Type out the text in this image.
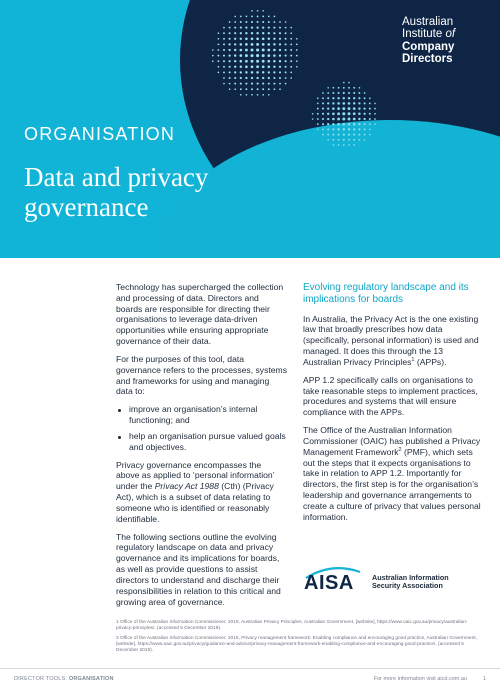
Australian
Institute of
Company
Directors
ORGANISATION
Data and privacy governance

Technology has supercharged the collection and processing of data. Directors and boards are responsible for directing their organisations to leverage data-driven opportunities while ensuring appropriate governance of their data.

For the purposes of this tool, data governance refers to the processes, systems and frameworks for using and managing data to:

improve an organisation’s internal functioning; and
help an organisation pursue valued goals and objectives.

Privacy governance encompasses the above as applied to ‘personal information’ under the Privacy Act 1988 (Cth) (Privacy Act), which is a subset of data relating to someone who is identified or reasonably identifiable.

The following sections outline the evolving regulatory landscape on data and privacy governance and its implications for boards, as well as provide questions to assist directors to understand and discharge their responsibilities in relation to this critical and growing area of governance.

Evolving regulatory landscape and its implications for boards

In Australia, the Privacy Act is the one existing law that broadly prescribes how data (specifically, personal information) is used and managed. It does this through the 13 Australian Privacy Principles$^1$ (APPs).

APP 1.2 specifically calls on organisations to take reasonable steps to implement practices, procedures and systems that will ensure compliance with the APPs.

The Office of the Australian Information Commissioner (OAIC) has published a Privacy Management Framework$^2$ (PMF), which sets out the steps that it expects organisations to take in relation to APP 1.2. Importantly for directors, the first step is for the organisation’s leadership and governance arrangements to create a culture of privacy that values personal information.

AISA	Australian Information
Security Association

1 Office of the Australian Information Commissioner, 2019, Australian Privacy Principles, Australian Government, [website], https://www.oaic.gov.au/privacy/australian-privacy-principles/, (accessed 5 December 2019).

2 Office of the Australian Information Commissioner, 2015, Privacy management framework: Enabling compliance and encouraging good practice, Australian Government, [website], https://www.oaic.gov.au/privacy/guidance-and-advice/privacy-management-framework-enabling-compliance-and-encouraging-good-practice/, (accessed 5 December 2019).

DIRECTOR TOOLS: ORGANISATION	For more information visit aicd.com.au	1
